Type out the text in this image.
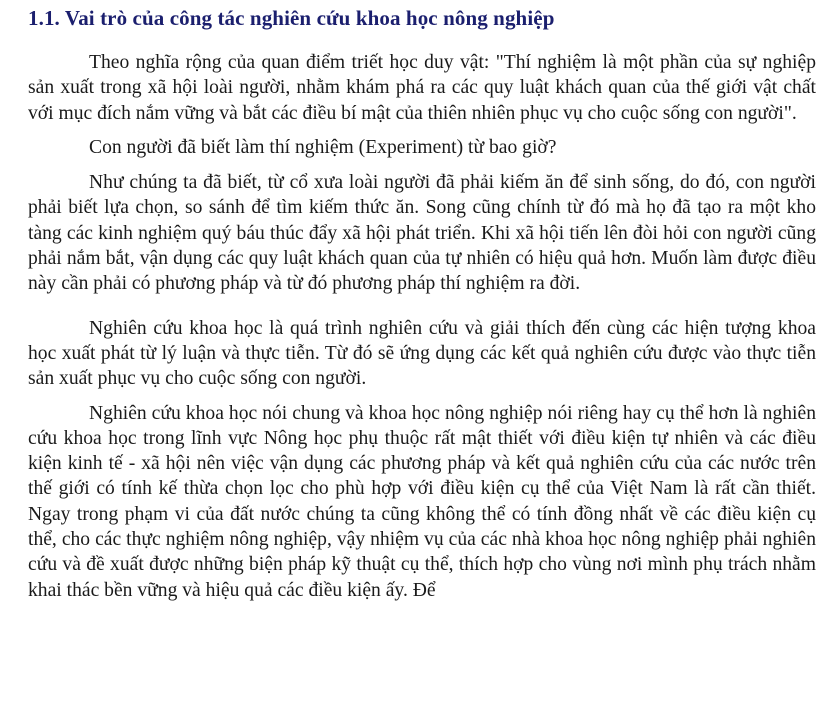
1.1. Vai trò của công tác nghiên cứu khoa học nông nghiệp

Theo nghĩa rộng của quan điểm triết học duy vật: "Thí nghiệm là một phần của sự nghiệp sản xuất trong xã hội loài người, nhằm khám phá ra các quy luật khách quan của thế giới vật chất với mục đích nắm vững và bắt các điều bí mật của thiên nhiên phục vụ cho cuộc sống con người".

Con người đã biết làm thí nghiệm (Experiment) từ bao giờ?

Như chúng ta đã biết, từ cổ xưa loài người đã phải kiếm ăn để sinh sống, do đó, con người phải biết lựa chọn, so sánh để tìm kiếm thức ăn. Song cũng chính từ đó mà họ đã tạo ra một kho tàng các kinh nghiệm quý báu thúc đẩy xã hội phát triển. Khi xã hội tiến lên đòi hỏi con người cũng phải nắm bắt, vận dụng các quy luật khách quan của tự nhiên có hiệu quả hơn. Muốn làm được điều này cần phải có phương pháp và từ đó phương pháp thí nghiệm ra đời.

Nghiên cứu khoa học là quá trình nghiên cứu và giải thích đến cùng các hiện tượng khoa học xuất phát từ lý luận và thực tiễn. Từ đó sẽ ứng dụng các kết quả nghiên cứu được vào thực tiễn sản xuất phục vụ cho cuộc sống con người.

Nghiên cứu khoa học nói chung và khoa học nông nghiệp nói riêng hay cụ thể hơn là nghiên cứu khoa học trong lĩnh vực Nông học phụ thuộc rất mật thiết với điều kiện tự nhiên và các điều kiện kinh tế - xã hội nên việc vận dụng các phương pháp và kết quả nghiên cứu của các nước trên thế giới có tính kế thừa chọn lọc cho phù hợp với điều kiện cụ thể của Việt Nam là rất cần thiết. Ngay trong phạm vi của đất nước chúng ta cũng không thể có tính đồng nhất về các điều kiện cụ thể, cho các thực nghiệm nông nghiệp, vậy nhiệm vụ của các nhà khoa học nông nghiệp phải nghiên cứu và đề xuất được những biện pháp kỹ thuật cụ thể, thích hợp cho vùng nơi mình phụ trách nhằm khai thác bền vững và hiệu quả các điều kiện ấy. Để
